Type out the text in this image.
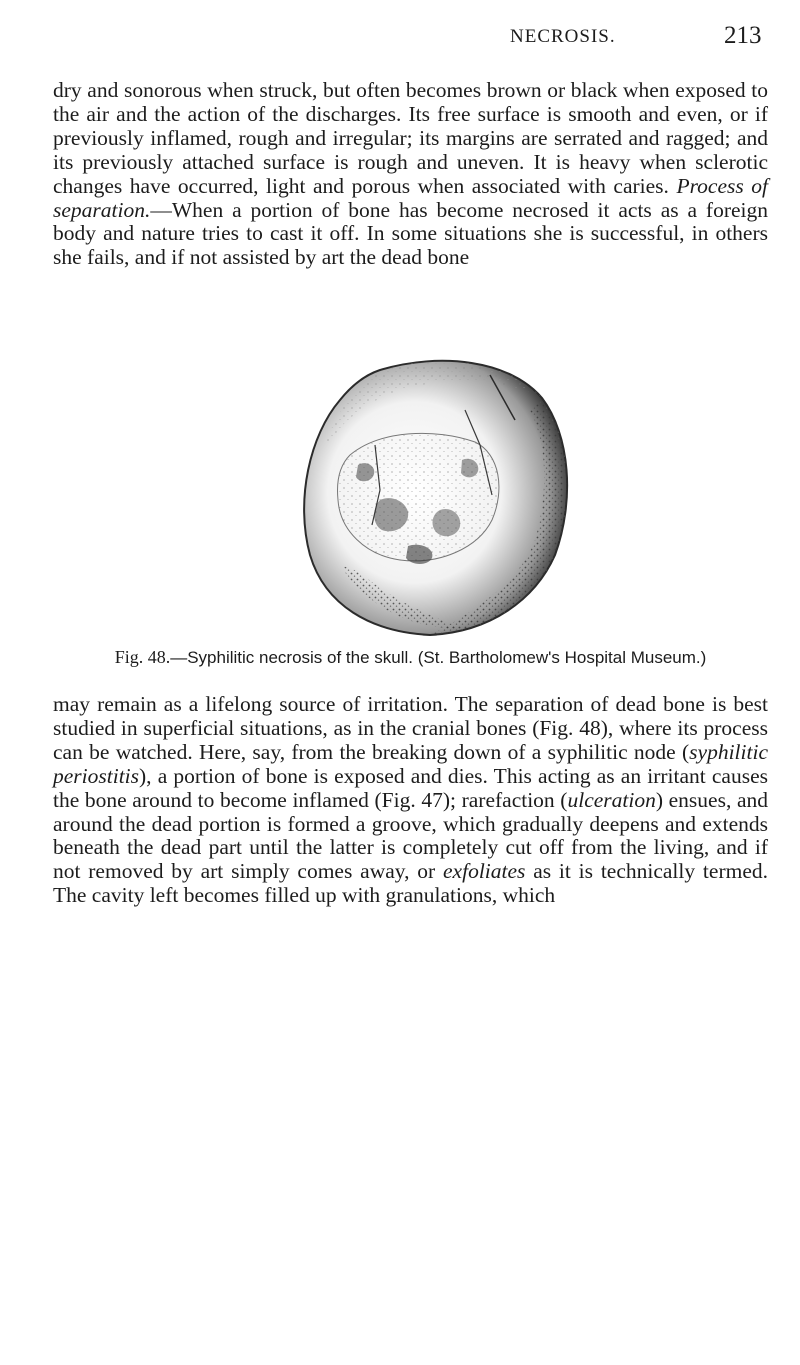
NECROSIS.	213

dry and sonorous when struck, but often becomes brown or black when exposed to the air and the action of the discharges. Its free surface is smooth and even, or if previously inflamed, rough and irregular; its margins are serrated and ragged; and its previously attached surface is rough and uneven. It is heavy when sclerotic changes have occurred, light and porous when associated with caries. Process of separation.—When a portion of bone has become necrosed it acts as a foreign body and nature tries to cast it off. In some situations she is successful, in others she fails, and if not assisted by art the dead bone

Fig. 48.—Syphilitic necrosis of the skull. (St. Bartholomew's Hospital Museum.)

may remain as a lifelong source of irritation. The separation of dead bone is best studied in superficial situations, as in the cranial bones (Fig. 48), where its process can be watched. Here, say, from the breaking down of a syphilitic node (syphilitic periostitis), a portion of bone is exposed and dies. This acting as an irritant causes the bone around to become inflamed (Fig. 47); rarefaction (ulceration) ensues, and around the dead portion is formed a groove, which gradually deepens and extends beneath the dead part until the latter is completely cut off from the living, and if not removed by art simply comes away, or exfoliates as it is technically termed. The cavity left becomes filled up with granulations, which
